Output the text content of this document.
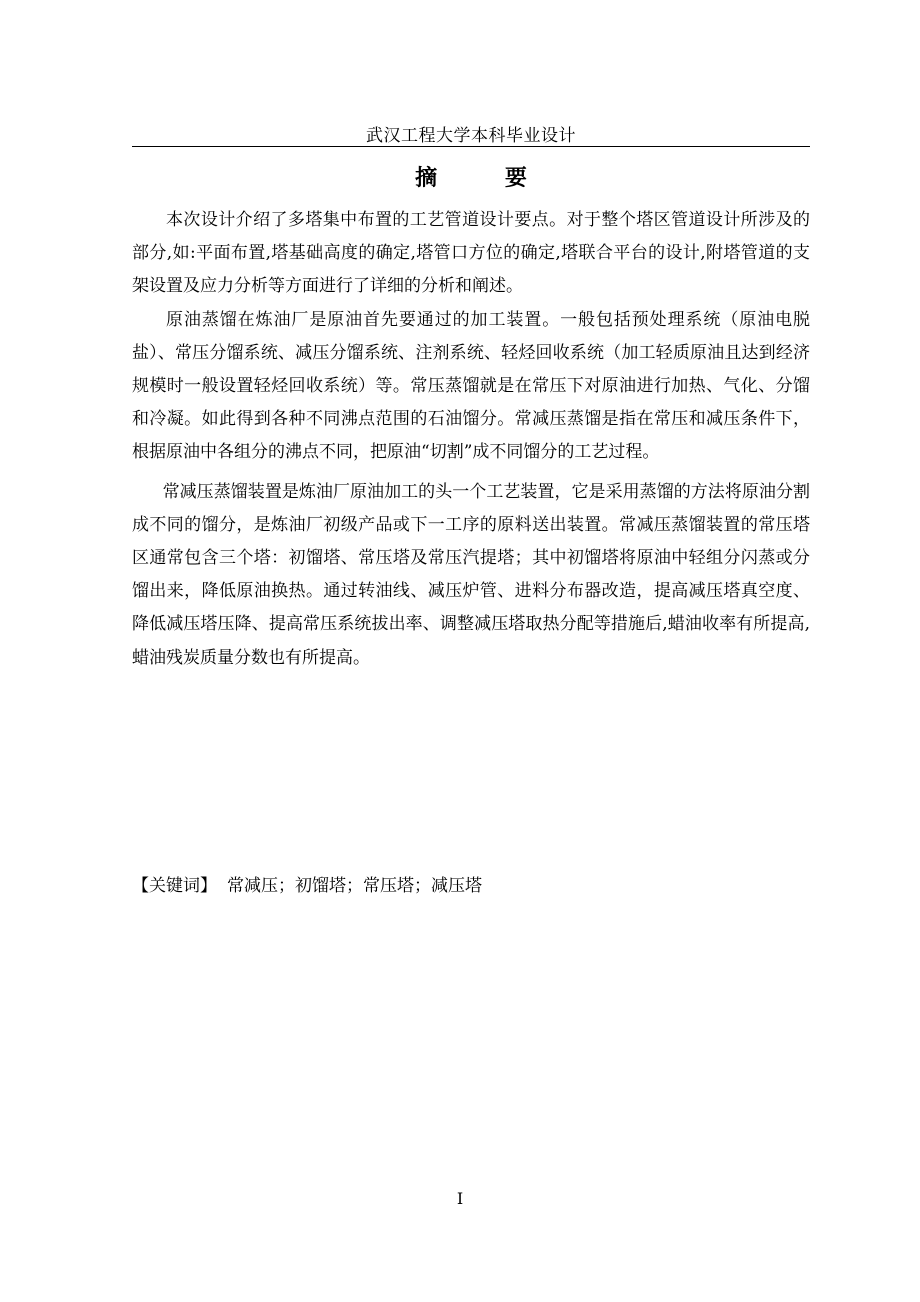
武汉工程大学本科毕业设计
摘 要

本次设计介绍了多塔集中布置的工艺管道设计要点。对于整个塔区管道设计所涉及的部分,如:平面布置,塔基础高度的确定,塔管口方位的确定,塔联合平台的设计,附塔管道的支架设置及应力分析等方面进行了详细的分析和阐述。

原油蒸馏在炼油厂是原油首先要通过的加工装置。一般包括预处理系统（原油电脱盐）、常压分馏系统、减压分馏系统、注剂系统、轻烃回收系统（加工轻质原油且达到经济规模时一般设置轻烃回收系统）等。常压蒸馏就是在常压下对原油进行加热、气化、分馏和冷凝。如此得到各种不同沸点范围的石油馏分。常减压蒸馏是指在常压和减压条件下，根据原油中各组分的沸点不同，把原油“切割”成不同馏分的工艺过程。

常减压蒸馏装置是炼油厂原油加工的头一个工艺装置，它是采用蒸馏的方法将原油分割成不同的馏分，是炼油厂初级产品或下一工序的原料送出装置。常减压蒸馏装置的常压塔区通常包含三个塔：初馏塔、常压塔及常压汽提塔；其中初馏塔将原油中轻组分闪蒸或分馏出来，降低原油换热。通过转油线、减压炉管、进料分布器改造，提高减压塔真空度、降低减压塔压降、提高常压系统拔出率、调整减压塔取热分配等措施后,蜡油收率有所提高,蜡油残炭质量分数也有所提高。

【关键词】 常减压；初馏塔；常压塔；减压塔
I
